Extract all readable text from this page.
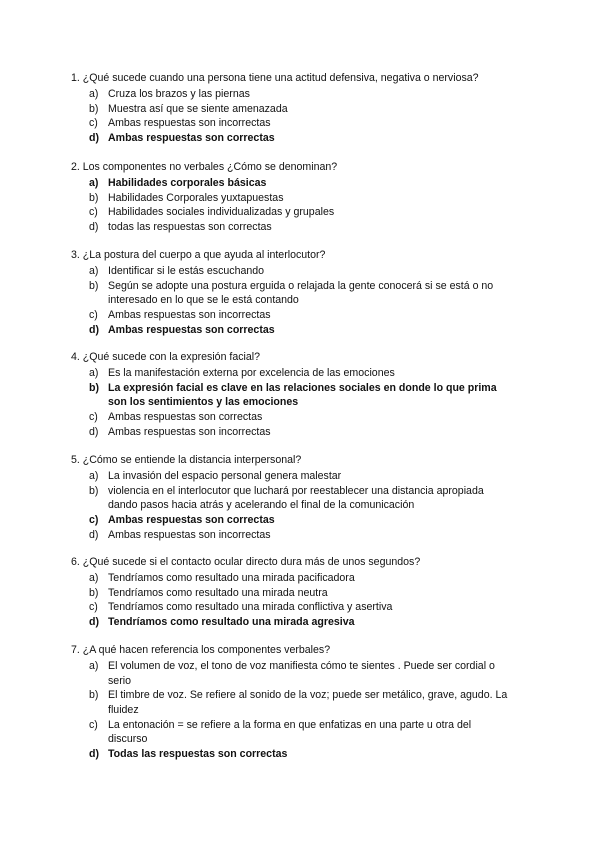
1. ¿Qué sucede cuando una persona tiene una actitud defensiva, negativa o nerviosa?
a) Cruza los brazos y las piernas
b) Muestra así que se siente amenazada
c) Ambas respuestas son incorrectas
d) Ambas respuestas son correctas
2. Los componentes no verbales ¿Cómo se denominan?
a) Habilidades corporales básicas
b) Habilidades Corporales yuxtapuestas
c) Habilidades sociales individualizadas y grupales
d) todas las respuestas son correctas
3. ¿La postura del cuerpo a que ayuda al interlocutor?
a) Identificar si le estás escuchando
b) Según se adopte una postura erguida o relajada la gente conocerá si se está o no
interesado en lo que se le está contando
c) Ambas respuestas son incorrectas
d) Ambas respuestas son correctas
4. ¿Qué sucede con la expresión facial?
a) Es la manifestación externa por excelencia de las emociones
b) La expresión facial es clave en las relaciones sociales en donde lo que prima
son los sentimientos y las emociones
c) Ambas respuestas son correctas
d) Ambas respuestas son incorrectas
5. ¿Cómo se entiende la distancia interpersonal?
a) La invasión del espacio personal genera malestar
b) violencia en el interlocutor que luchará por reestablecer una distancia apropiada
dando pasos hacia atrás y acelerando el final de la comunicación
c) Ambas respuestas son correctas
d) Ambas respuestas son incorrectas
6. ¿Qué sucede si el contacto ocular directo dura más de unos segundos?
a) Tendríamos como resultado una mirada pacificadora
b) Tendríamos como resultado una mirada neutra
c) Tendríamos como resultado una mirada conflictiva y asertiva
d) Tendríamos como resultado una mirada agresiva
7. ¿A qué hacen referencia los componentes verbales?
a) El volumen de voz, el tono de voz manifiesta cómo te sientes . Puede ser cordial o
serio
b) El timbre de voz. Se refiere al sonido de la voz; puede ser metálico, grave, agudo. La
fluidez
c) La entonación = se refiere a la forma en que enfatizas en una parte u otra del
discurso
d) Todas las respuestas son correctas
